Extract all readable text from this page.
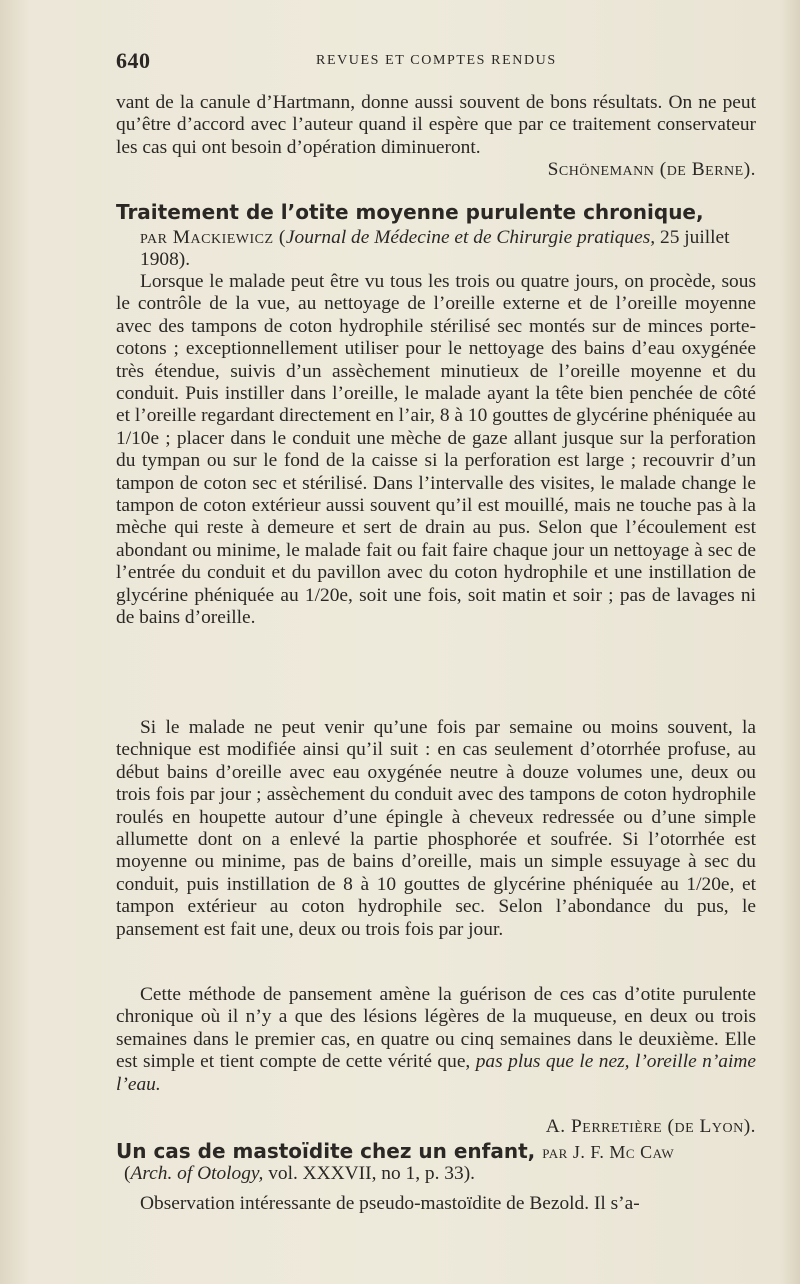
640	REVUES ET COMPTES RENDUS

vant de la canule d’Hartmann, donne aussi souvent de bons résultats. On ne peut qu’être d’accord avec l’auteur quand il espère que par ce traitement conservateur les cas qui ont besoin d’opération diminueront.

Schönemann (de Berne).

Traitement de l’otite moyenne purulente chronique,

par Mackiewicz (Journal de Médecine et de Chirurgie pratiques, 25 juillet 1908).

Lorsque le malade peut être vu tous les trois ou quatre jours, on procède, sous le contrôle de la vue, au nettoyage de l’oreille externe et de l’oreille moyenne avec des tampons de coton hydrophile stérilisé sec montés sur de minces porte-cotons ; exceptionnellement utiliser pour le nettoyage des bains d’eau oxygénée très étendue, suivis d’un assèchement minutieux de l’oreille moyenne et du conduit. Puis instiller dans l’oreille, le malade ayant la tête bien penchée de côté et l’oreille regardant directement en l’air, 8 à 10 gouttes de glycérine phéniquée au 1/10e ; placer dans le conduit une mèche de gaze allant jusque sur la perforation du tympan ou sur le fond de la caisse si la perforation est large ; recouvrir d’un tampon de coton sec et stérilisé. Dans l’intervalle des visites, le malade change le tampon de coton extérieur aussi souvent qu’il est mouillé, mais ne touche pas à la mèche qui reste à demeure et sert de drain au pus. Selon que l’écoulement est abondant ou minime, le malade fait ou fait faire chaque jour un nettoyage à sec de l’entrée du conduit et du pavillon avec du coton hydrophile et une instillation de glycérine phéniquée au 1/20e, soit une fois, soit matin et soir ; pas de lavages ni de bains d’oreille.

Si le malade ne peut venir qu’une fois par semaine ou moins souvent, la technique est modifiée ainsi qu’il suit : en cas seulement d’otorrhée profuse, au début bains d’oreille avec eau oxygénée neutre à douze volumes une, deux ou trois fois par jour ; assèchement du conduit avec des tampons de coton hydrophile roulés en houpette autour d’une épingle à cheveux redressée ou d’une simple allumette dont on a enlevé la partie phosphorée et soufrée. Si l’otorrhée est moyenne ou minime, pas de bains d’oreille, mais un simple essuyage à sec du conduit, puis instillation de 8 à 10 gouttes de glycérine phéniquée au 1/20e, et tampon extérieur au coton hydrophile sec. Selon l’abondance du pus, le pansement est fait une, deux ou trois fois par jour.

Cette méthode de pansement amène la guérison de ces cas d’otite purulente chronique où il n’y a que des lésions légères de la muqueuse, en deux ou trois semaines dans le premier cas, en quatre ou cinq semaines dans le deuxième. Elle est simple et tient compte de cette vérité que, pas plus que le nez, l’oreille n’aime l’eau.

A. Perretière (de Lyon).

Un cas de mastoïdite chez un enfant, par J. F. Mc Caw

(Arch. of Otology, vol. XXXVII, no 1, p. 33).

Observation intéressante de pseudo-mastoïdite de Bezold. Il s’a-
